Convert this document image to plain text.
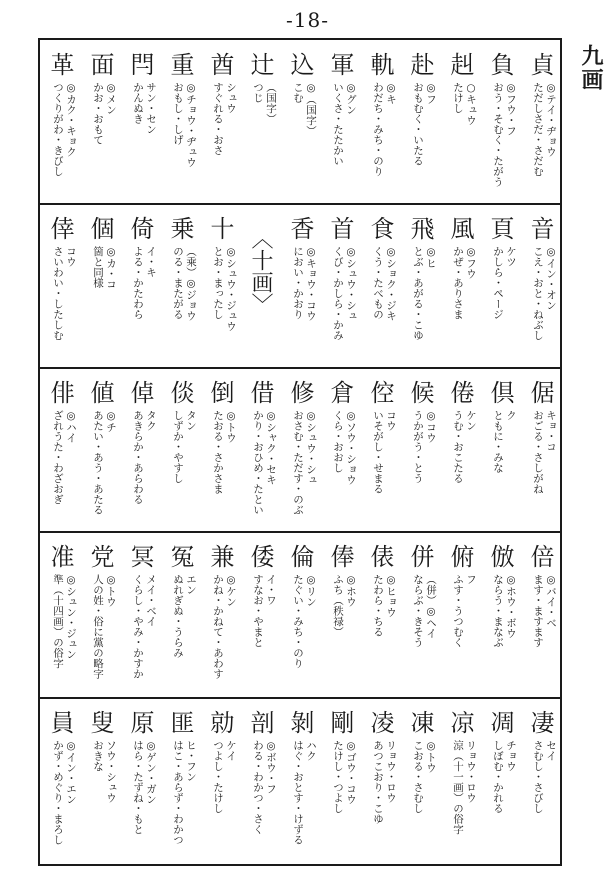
-18-
九画
貞
◎テイ・ヂョウ
ただしさだ・さだむ
負
◎フウ・フ
おう・そむく・たがう
赳
○キュウ
たけし
赴
◎フ
おもむく・いたる
軌
◎キ
わだち・みち・のり
軍
◎グン
いくさ・たたかい
込
◎（国字）
こむ
辻
（国字）
つじ
酋
シュウ
すぐれる・おさ
重
◎チョウ・ヂュウ
おもし・しげ
閂
サン・セン
かんぬき
面
◎メン
かお・おもて
革
◎カク・キョク
つくりがわ・きびし
音
◎イン・オン
こえ・おと・ねぶし
頁
ケツ
かしら・ページ
風
◎フウ
かぜ・ありさま
飛
◎ヒ
とぶ・あがる・こゆ
食
◎ショク・ジキ
くう・たべもの
首
◎シュウ・シュ
くび・かしら・かみ
香
◎キョウ・コウ
におい・かおり
〈十画〉
十
◎シュウ・ジュウ
とお・まったし
乗
（乘）◎ジョウ
のる・またがる
倚
イ・キ
よる・かたわら
個
◎カ・コ
箇と同様
倖
コウ
さいわい・したしむ
倨
キョ・コ
おごる・さしがね
倶
ク
ともに・みな
倦
ケン
うむ・おこたる
候
◎コウ
うかがう・とう
倥
コウ
いそがし・せまる
倉
◎ソウ・ショウ
くら・おおし
修
◎シュウ・シュ
おさむ・ただす・のぶ
借
◎シャク・セキ
かり・おひめ・たとい
倒
◎トウ
たおる・さかさま
倓
タン
しずか・やすし
倬
タク
あきらか・あらわる
値
◎チ
あたい・あう・あたる
俳
◎ハイ
ざれうた・わざおぎ
倍
◎バイ・ベ
ます・ますます
倣
◎ホウ・ボウ
ならう・まなぶ
俯
フ
ふす・うつむく
併
（併）◎ヘイ
ならぶ・きそう
俵
◎ヒョウ
たわら・ちる
俸
◎ホウ
ふち（秩禄）
倫
◎リン
たぐい・みち・のり
倭
イ・ワ
すなお・やまと
兼
◎ケン
かね・かねて・あわす
冤
エン
ぬれぎぬ・うらみ
冥
メイ・ベイ
くらし・やみ・かすか
党
◎トウ
人の姓・俗に黨の略字
准
◎シュン・ジュン
準（十四画）の俗字
凄
セイ
さむし・さびし
凋
チョウ
しぼむ・かれる
凉
リョウ・ロウ
涼（十一画）の俗字
凍
◎トウ
こおる・さむし
凌
リョウ・ロウ
あつこおり・こゆ
剛
◎ゴウ・コウ
たけし・つよし
剝
ハク
はぐ・おとす・けずる
剖
◎ボウ・フ
わる・わかつ・さく
勍
ケイ
つよし・たけし
匪
ヒ・フン
はこ・あらず・わかつ
原
◎ゲン・ガン
はら・たずね・もと
叟
ソウ・シュウ
おきな
員
◎イン・エン
かず・めぐり・まろし
